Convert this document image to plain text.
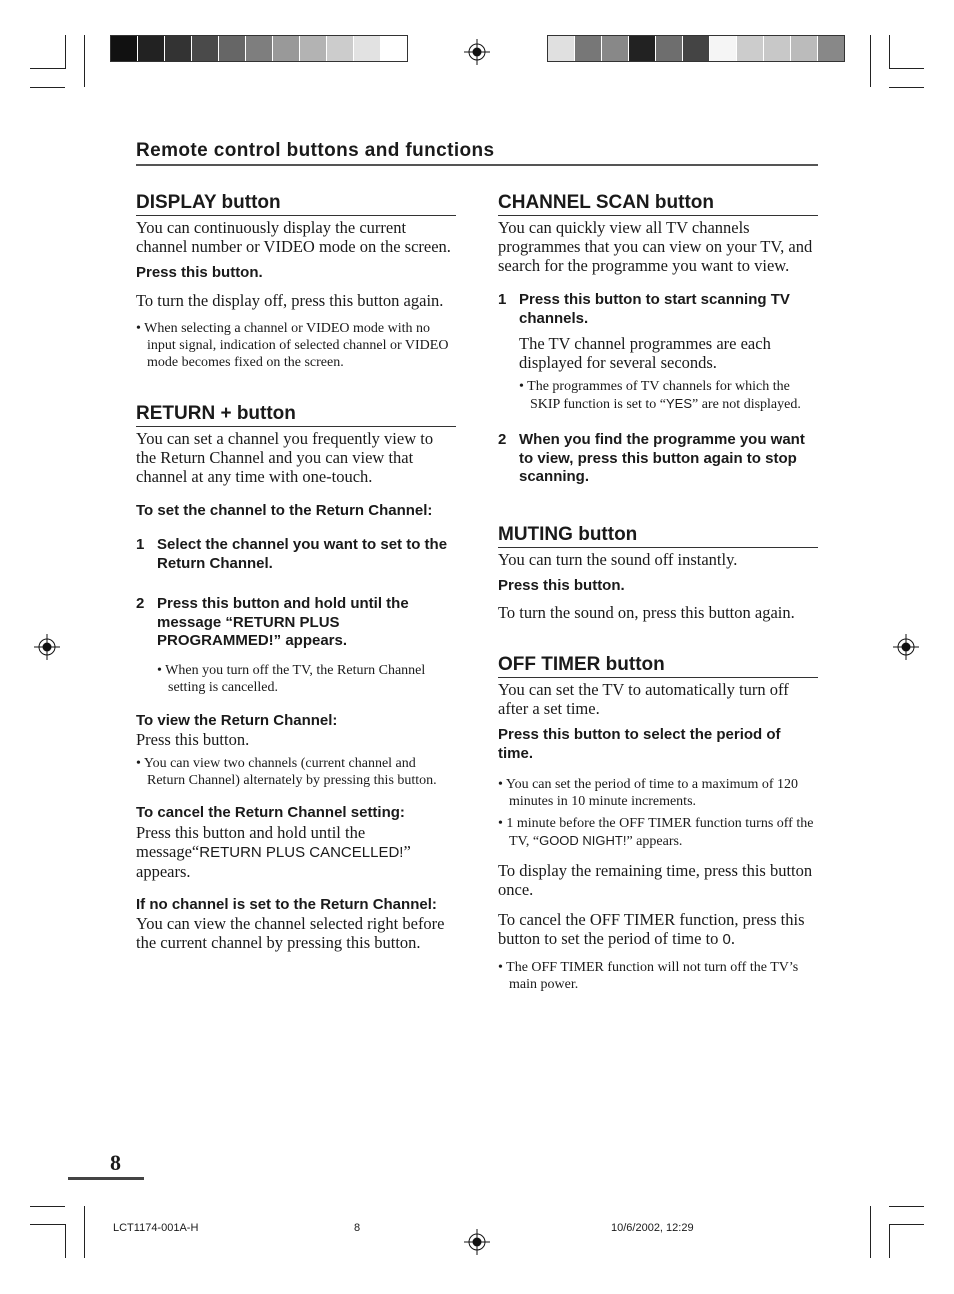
Remote control buttons and functions
DISPLAY button

You can continuously display the current channel number or VIDEO mode on the screen.

Press this button.

To turn the display off, press this button again.

• When selecting a channel or VIDEO mode with no input signal, indication of selected channel or VIDEO mode becomes fixed on the screen.

RETURN + button

You can set a channel you frequently view to the Return Channel and you can view that channel at any time with one-touch.

To set the channel to the Return Channel:

1 Select the channel you want to set to the Return Channel.
2 Press this button and hold until the message “RETURN PLUS PROGRAMMED!” appears.

• When you turn off the TV, the Return Channel setting is cancelled.

To view the Return Channel:

Press this button.

• You can view two channels (current channel and Return Channel) alternately by pressing this button.

To cancel the Return Channel setting:

Press this button and hold until the message“RETURN PLUS CANCELLED!” appears.

If no channel is set to the Return Channel:

You can view the channel selected right before the current channel by pressing this button.

CHANNEL SCAN button

You can quickly view all TV channels programmes that you can view on your TV, and search for the programme you want to view.

1 Press this button to start scanning TV channels.

The TV channel programmes are each displayed for several seconds.

• The programmes of TV channels for which the SKIP function is set to “YES” are not displayed.

2 When you find the programme you want to view, press this button again to stop scanning.
MUTING button

You can turn the sound off instantly.

Press this button.

To turn the sound on, press this button again.

OFF TIMER button

You can set the TV to automatically turn off after a set time.

Press this button to select the period of time.

• You can set the period of time to a maximum of 120 minutes in 10 minute increments.

• 1 minute before the OFF TIMER function turns off the TV, “GOOD NIGHT!” appears.

To display the remaining time, press this button once.

To cancel the OFF TIMER function, press this button to set the period of time to 0.

• The OFF TIMER function will not turn off the TV’s main power.

8
LCT1174-001A-H	8	10/6/2002, 12:29
